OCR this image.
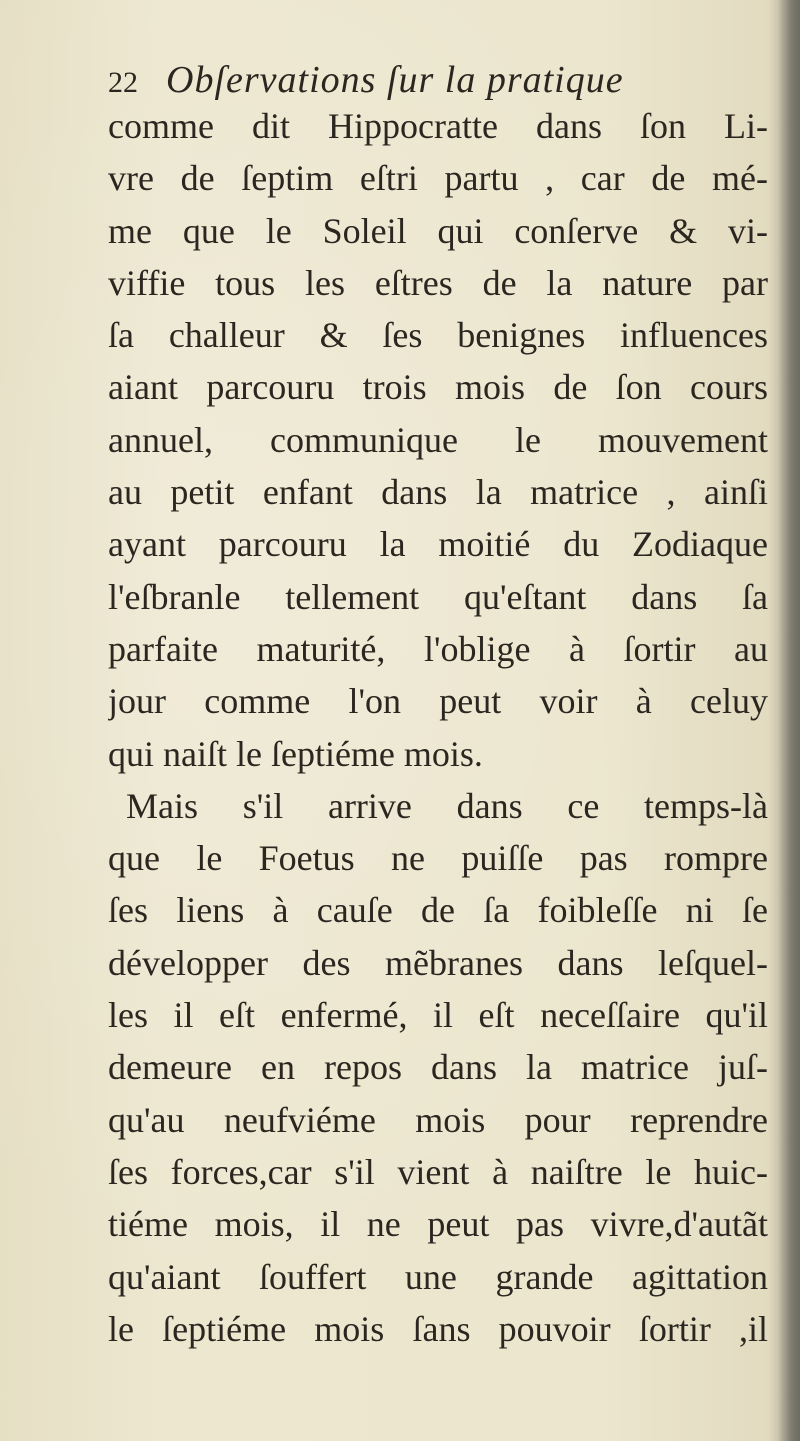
22 Obſervations ſur la pratique
comme dit Hippocratte dans ſon Li-
vre de ſeptim eſtri partu , car de mé-
me que le Soleil qui conſerve & vi-
viffie tous les eſtres de la nature par
ſa challeur & ſes benignes influences
aiant parcouru trois mois de ſon cours
annuel, communique le mouvement
au petit enfant dans la matrice , ainſi
ayant parcouru la moitié du Zodiaque
l'eſbranle tellement qu'eſtant dans ſa
parfaite maturité, l'oblige à ſortir au
jour comme l'on peut voir à celuy
qui naiſt le ſeptiéme mois.
Mais s'il arrive dans ce temps-là
que le Foetus ne puiſſe pas rompre
ſes liens à cauſe de ſa foibleſſe ni ſe
développer des mẽbranes dans leſquel-
les il eſt enfermé, il eſt neceſſaire qu'il
demeure en repos dans la matrice juſ-
qu'au neufviéme mois pour reprendre
ſes forces,car s'il vient à naiſtre le huic-
tiéme mois, il ne peut pas vivre,d'autãt
qu'aiant ſouffert une grande agittation
le ſeptiéme mois ſans pouvoir ſortir ,il
